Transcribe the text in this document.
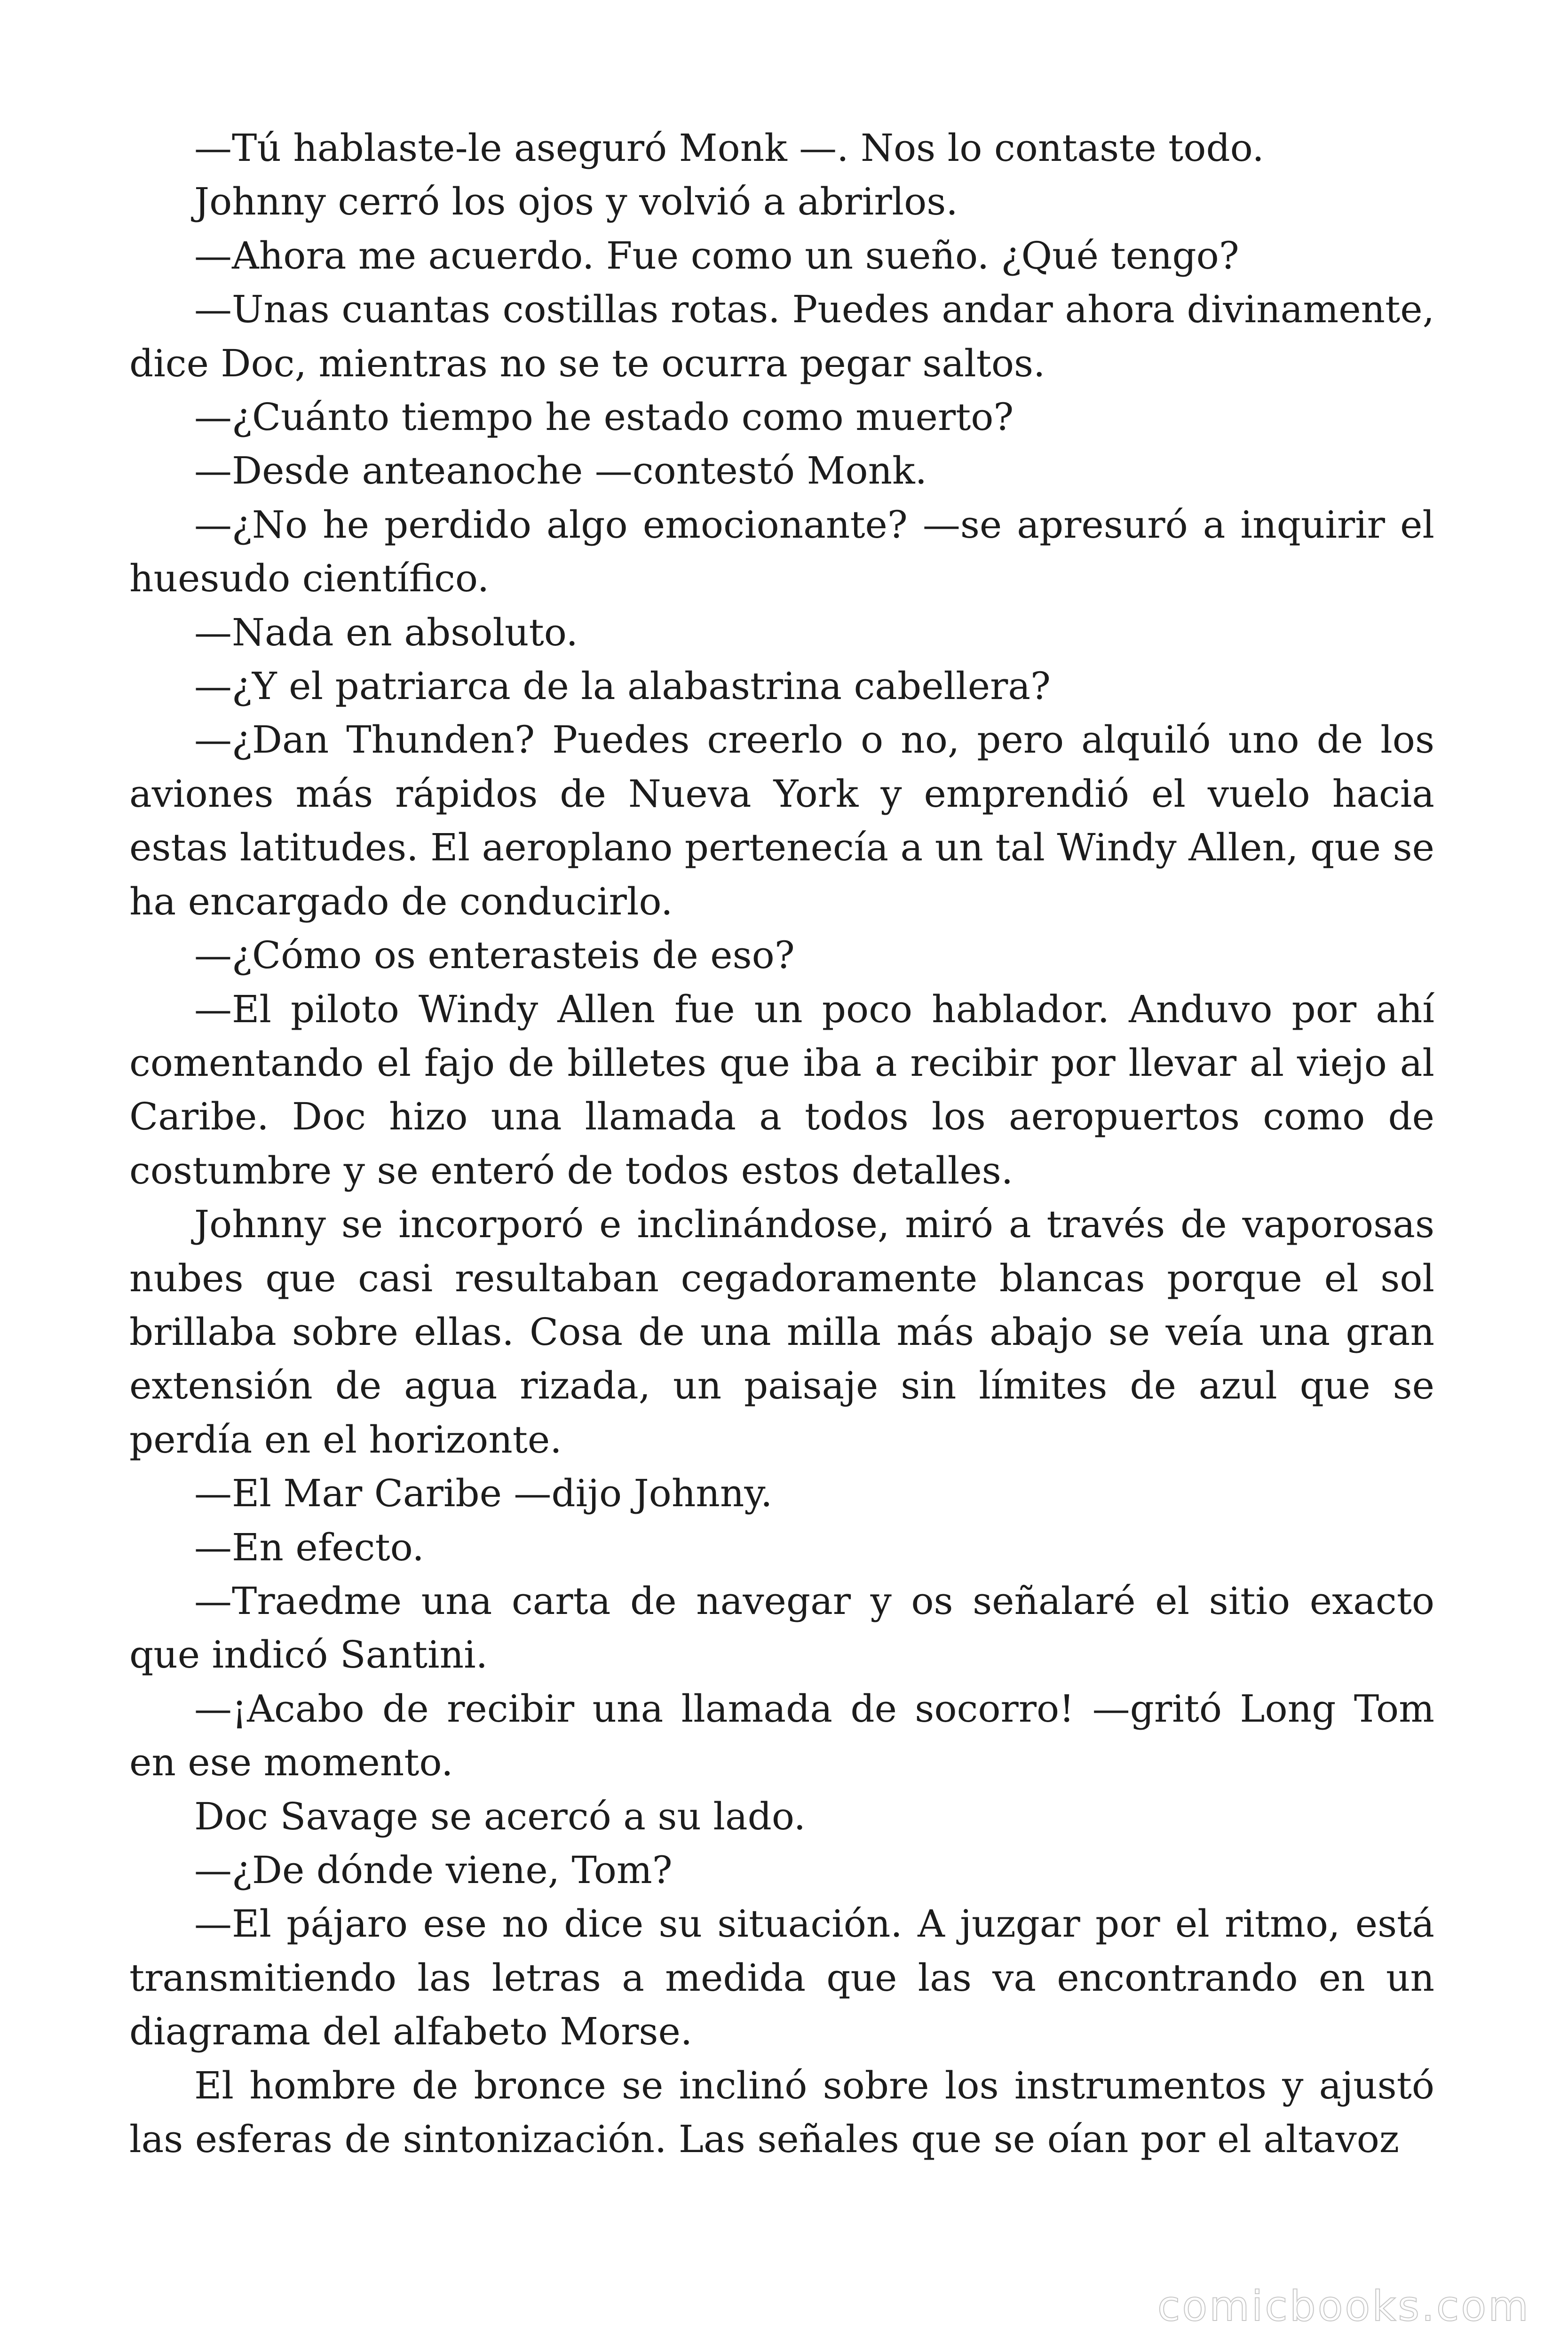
—Tú hablaste-le aseguró Monk —. Nos lo contaste todo.

Johnny cerró los ojos y volvió a abrirlos.

—Ahora me acuerdo. Fue como un sueño. ¿Qué tengo?

—Unas cuantas costillas rotas. Puedes andar ahora divinamente, dice Doc, mientras no se te ocurra pegar saltos.

—¿Cuánto tiempo he estado como muerto?

—Desde anteanoche —contestó Monk.

—¿No he perdido algo emocionante? —se apresuró a inquirir el huesudo científico.

—Nada en absoluto.

—¿Y el patriarca de la alabastrina cabellera?

—¿Dan Thunden? Puedes creerlo o no, pero alquiló uno de los aviones más rápidos de Nueva York y emprendió el vuelo hacia estas latitudes. El aeroplano pertenecía a un tal Windy Allen, que se ha encargado de conducirlo.

—¿Cómo os enterasteis de eso?

—El piloto Windy Allen fue un poco hablador. Anduvo por ahí comentando el fajo de billetes que iba a recibir por llevar al viejo al Caribe. Doc hizo una llamada a todos los aeropuertos como de costumbre y se enteró de todos estos detalles.

Johnny se incorporó e inclinándose, miró a través de vaporosas nubes que casi resultaban cegadoramente blancas porque el sol brillaba sobre ellas. Cosa de una milla más abajo se veía una gran extensión de agua rizada, un paisaje sin límites de azul que se perdía en el horizonte.

—El Mar Caribe —dijo Johnny.

—En efecto.

—Traedme una carta de navegar y os señalaré el sitio exacto que indicó Santini.

—¡Acabo de recibir una llamada de socorro! —gritó Long Tom en ese momento.

Doc Savage se acercó a su lado.

—¿De dónde viene, Tom?

—El pájaro ese no dice su situación. A juzgar por el ritmo, está transmitiendo las letras a medida que las va encontrando en un diagrama del alfabeto Morse.

El hombre de bronce se inclinó sobre los instrumentos y ajustó las esferas de sintonización. Las señales que se oían por el altavoz

comicbooks.com
